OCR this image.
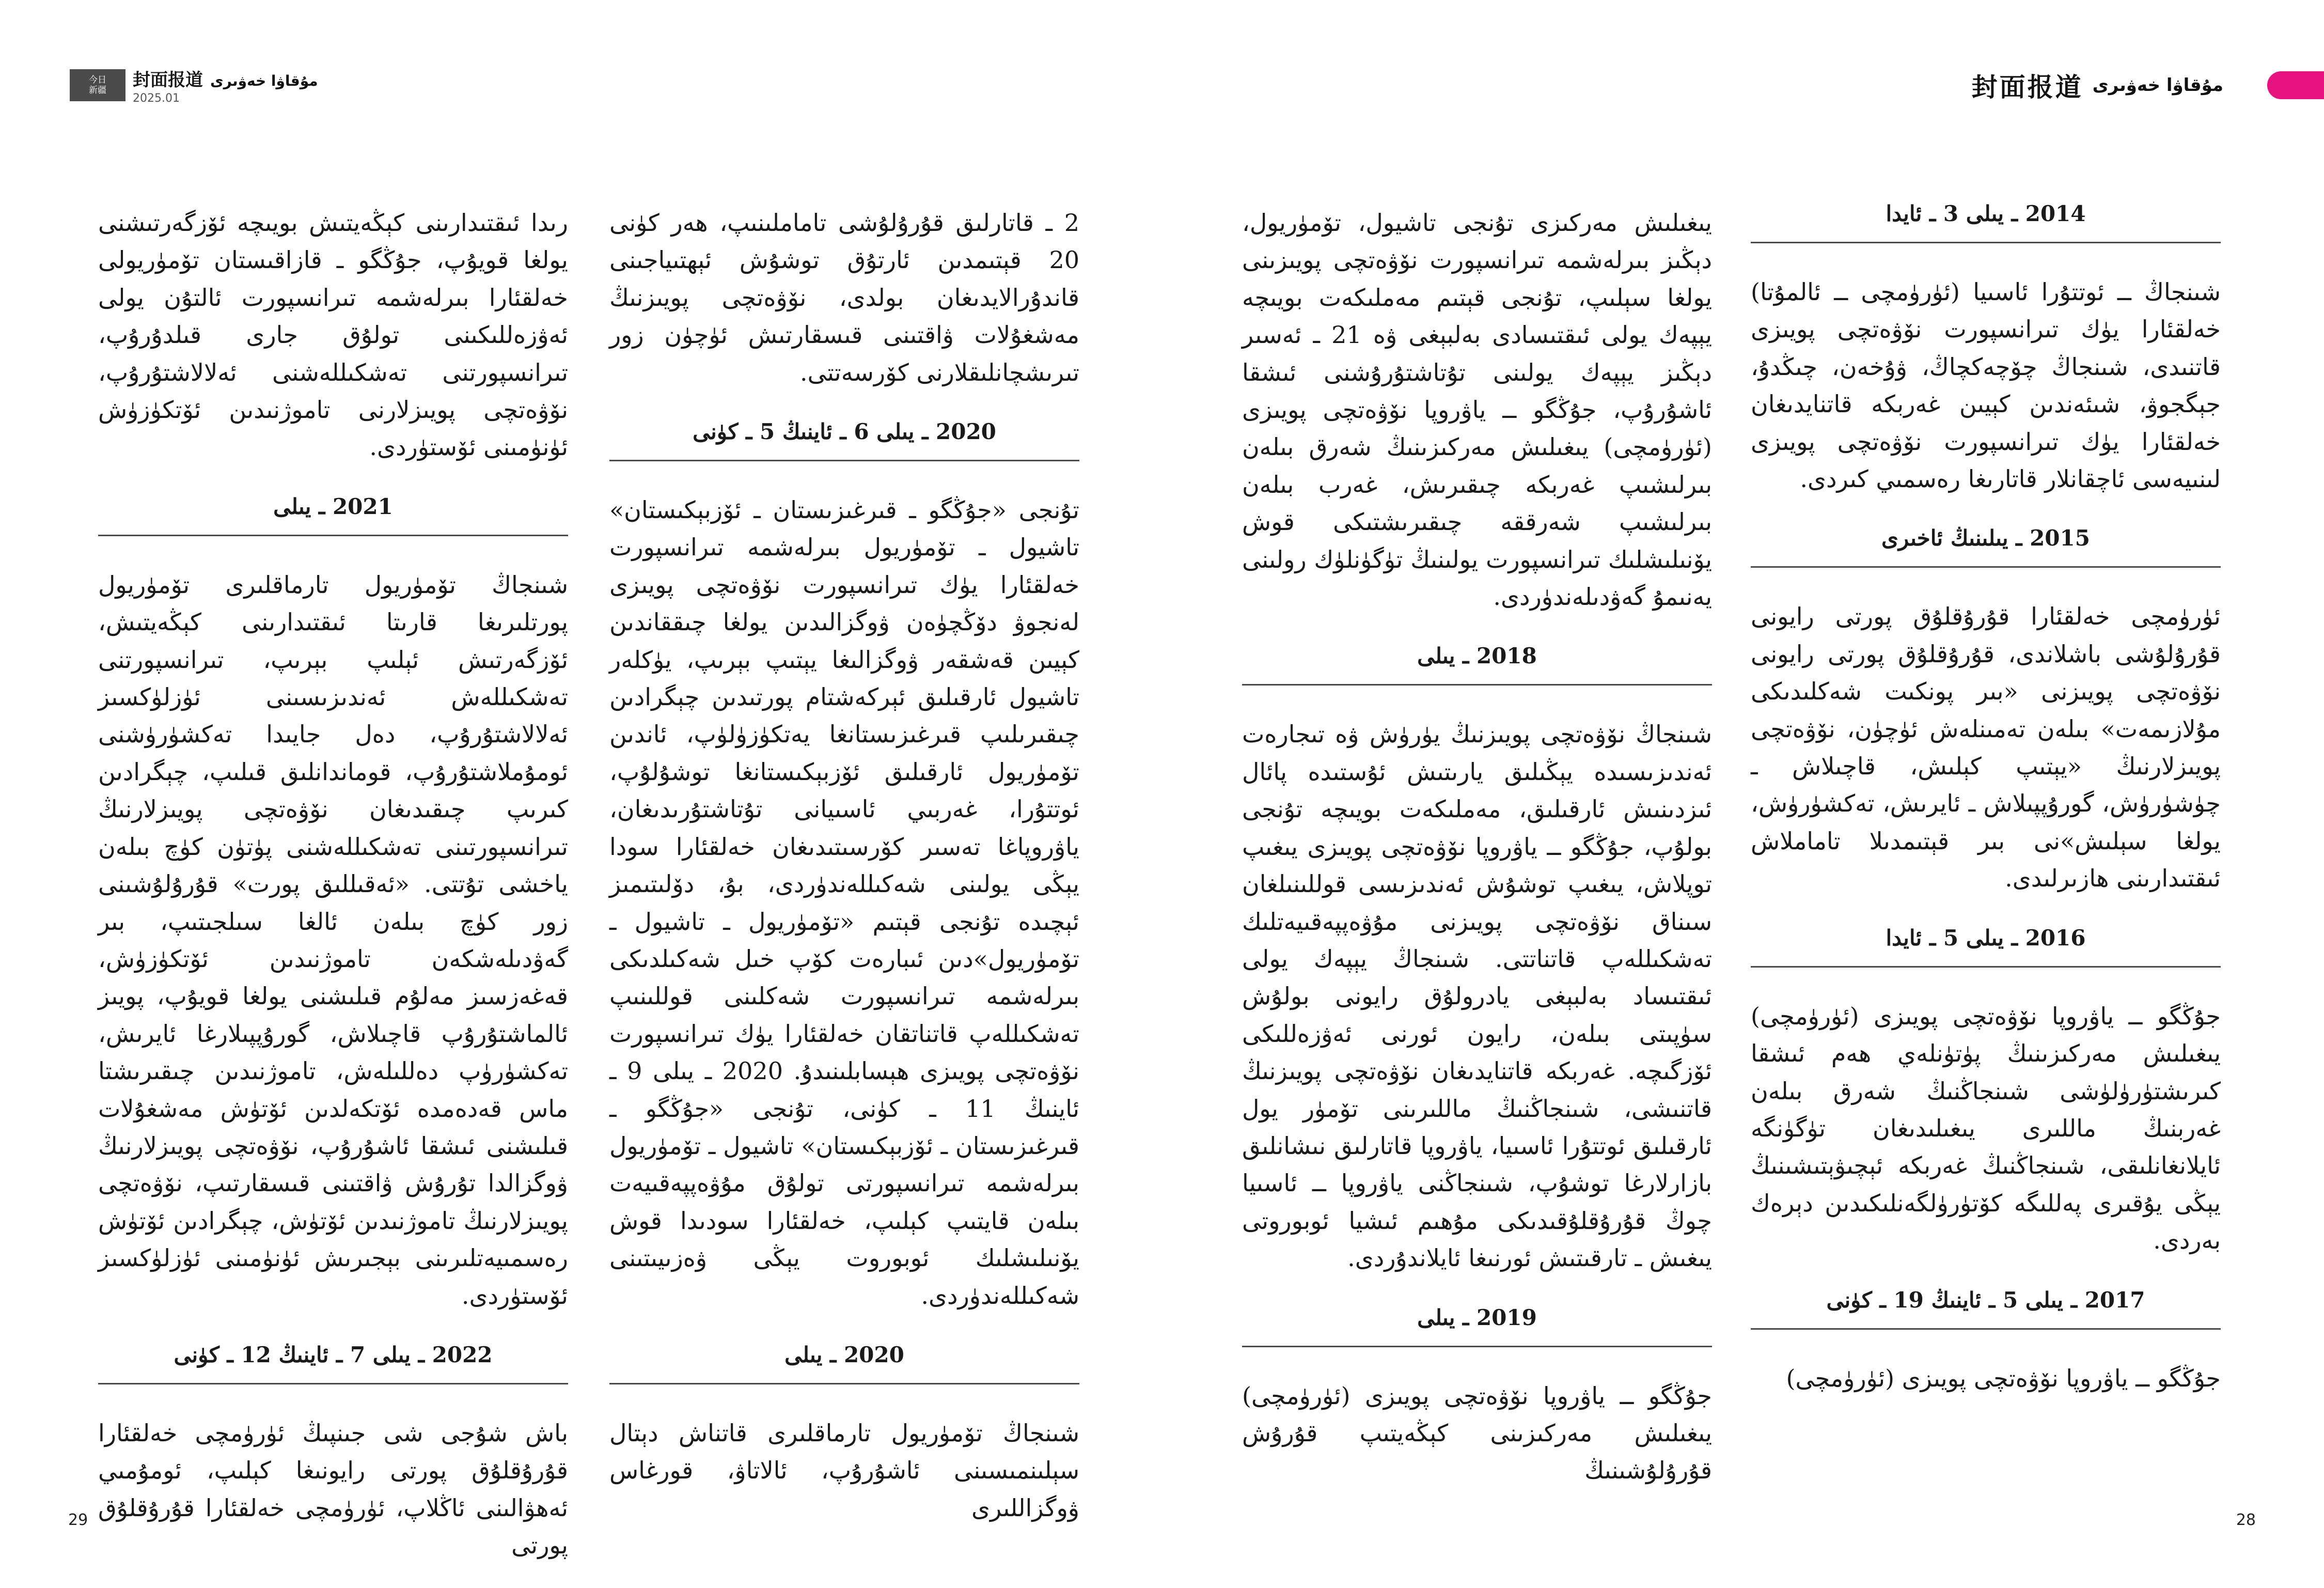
今日
新疆 封面报道 مۇقاۋا خەۋىرى
2025.01	封面报道 مۇقاۋا خەۋىرى

رىدا ئىقتىدارىنى كېڭەيتىش بويىچە ئۆزگەرتىشنى يولغا قويۇپ، جۇڭگو ـ قازاقىستان تۆمۈريولى خەلقئارا بىرلەشمە تىرانسپورت ئالتۇن يولى ئەۋزەللىكىنى تولۇق جارى قىلدۇرۇپ، تىرانسپورتنى تەشكىللەشنى ئەلالاشتۇرۇپ، نۆۋەتچى پويىزلارنى تاموژنىدىن ئۆتكۈزۈش ئۈنۈمىنى ئۆستۈردى.

2021 ـ يىلى

شىنجاڭ تۆمۈريول تارماقلىرى تۆمۈريول پورتلىرىغا قارىتا ئىقتىدارىنى كېڭەيتىش، ئۆزگەرتىش ئېلىپ بېرىپ، تىرانسپورتنى تەشكىللەش ئەندىزىسىنى ئۈزلۈكسىز ئەلالاشتۇرۇپ، دەل جايىدا تەكشۈرۈشنى ئومۇملاشتۇرۇپ، قوماندانلىق قىلىپ، چېگرادىن كىرىپ چىقىدىغان نۆۋەتچى پويىزلارنىڭ تىرانسپورتىنى تەشكىللەشنى پۈتۈن كۈچ بىلەن ياخشى تۇتتى. «ئەقىللىق پورت» قۇرۇلۇشىنى زور كۈچ بىلەن ئالغا سىلجىتىپ، بىر گەۋدىلەشكەن تاموژنىدىن ئۆتكۈزۈش، قەغەزسىز مەلۇم قىلىشنى يولغا قويۇپ، پويىز ئالماشتۇرۇپ قاچىلاش، گورۇپپىلارغا ئايرىش، تەكشۈرۈپ دەللىلەش، تاموژنىدىن چىقىرىشتا ماس قەدەمدە ئۆتكەلدىن ئۆتۈش مەشغۇلات قىلىشنى ئىشقا ئاشۇرۇپ، نۆۋەتچى پويىزلارنىڭ ۋوگزالدا تۇرۇش ۋاقتىنى قىسقارتىپ، نۆۋەتچى پويىزلارنىڭ تاموژنىدىن ئۆتۈش، چېگرادىن ئۆتۈش رەسمىيەتلىرىنى بېجىرىش ئۈنۈمىنى ئۈزلۈكسىز ئۆستۈردى.

2022 ـ يىلى 7 ـ ئاينىڭ 12 ـ كۈنى

باش شۇجى شى جىنپىڭ ئۈرۈمچى خەلقئارا قۇرۇقلۇق پورتى رايونىغا كېلىپ، ئومۇمىي ئەھۋالىنى ئاڭلاپ، ئۈرۈمچى خەلقئارا قۇرۇقلۇق پورتى

2 ـ قاتارلىق قۇرۇلۇشى تاماملىنىپ، ھەر كۈنى 20 قېتىمدىن ئارتۇق توشۇش ئېھتىياجىنى قاندۇرالايدىغان بولدى، نۆۋەتچى پويىزنىڭ مەشغۇلات ۋاقتىنى قىسقارتىش ئۈچۈن زور تىرىشچانلىقلارنى كۆرسەتتى.

2020 ـ يىلى 6 ـ ئاينىڭ 5 ـ كۈنى

تۇنجى «جۇڭگو ـ قىرغىزىستان ـ ئۆزبېكىستان» تاشيول ـ تۆمۈريول بىرلەشمە تىرانسپورت خەلقئارا يۈك تىرانسپورت نۆۋەتچى پويىزى لەنجوۋ دۆڭچۈەن ۋوگزالىدىن يولغا چىققاندىن كېيىن قەشقەر ۋوگزالىغا يېتىپ بېرىپ، يۈكلەر تاشيول ئارقىلىق ئېركەشتام پورتىدىن چېگرادىن چىقىرىلىپ قىرغىزىستانغا يەتكۈزۈلۈپ، ئاندىن تۆمۈريول ئارقىلىق ئۆزبېكىستانغا توشۇلۇپ، ئوتتۇرا، غەربىي ئاسىيانى تۇتاشتۇرىدىغان، ياۋروپاغا تەسىر كۆرسىتىدىغان خەلقئارا سودا يېڭى يولىنى شەكىللەندۈردى، بۇ، دۆلىتىمىز ئېچىدە تۇنجى قېتىم «تۆمۈريول ـ تاشيول ـ تۆمۈريول»دىن ئىبارەت كۆپ خىل شەكىلدىكى بىرلەشمە تىرانسپورت شەكلىنى قوللىنىپ تەشكىللەپ قاتناتقان خەلقئارا يۈك تىرانسپورت نۆۋەتچى پويىزى ھېسابلىنىدۇ. 2020 ـ يىلى 9 ـ ئاينىڭ 11 ـ كۈنى، تۇنجى «جۇڭگو ـ قىرغىزىستان ـ ئۆزبېكىستان» تاشيول ـ تۆمۈريول بىرلەشمە تىرانسپورتى تولۇق مۇۋەپپەقىيەت بىلەن قايتىپ كېلىپ، خەلقئارا سودىدا قوش يۆنىلىشلىك ئوبوروت يېڭى ۋەزىيىتىنى شەكىللەندۈردى.

2020 ـ يىلى

شىنجاڭ تۆمۈريول تارماقلىرى قاتناش دېتال سېلىنمىسىنى ئاشۇرۇپ، ئالاتاۋ، قورغاس ۋوگزاللىرى

يىغىلىش مەركىزى تۇنجى تاشيول، تۆمۈريول، دېڭىز بىرلەشمە تىرانسپورت نۆۋەتچى پويىزىنى يولغا سېلىپ، تۇنجى قېتىم مەملىكەت بويىچە يېپەك يولى ئىقتىسادى بەلبېغى ۋە 21 ـ ئەسىر دېڭىز يېپەك يولىنى تۇتاشتۇرۇشنى ئىشقا ئاشۇرۇپ، جۇڭگو ــ ياۋروپا نۆۋەتچى پويىزى (ئۈرۈمچى) يىغىلىش مەركىزىنىڭ شەرق بىلەن بىرلىشىپ غەربكە چىقىرىش، غەرب بىلەن بىرلىشىپ شەرققە چىقىرىشتىكى قوش يۆنىلىشلىك تىرانسپورت يولىنىڭ تۈگۈنلۈك رولىنى يەنىمۇ گەۋدىلەندۈردى.

2018 ـ يىلى

شىنجاڭ نۆۋەتچى پويىزنىڭ يۈرۈش ۋە تىجارەت ئەندىزىسىدە يېڭىلىق يارىتىش ئۇستىدە پائال ئىزدىنىش ئارقىلىق، مەملىكەت بويىچە تۇنجى بولۇپ، جۇڭگو ــ ياۋروپا نۆۋەتچى پويىزى يىغىپ توپلاش، يىغىپ توشۇش ئەندىزىسى قوللىنىلغان سىناق نۆۋەتچى پويىزنى مۇۋەپپەقىيەتلىك تەشكىللەپ قاتناتتى. شىنجاڭ يېپەك يولى ئىقتىساد بەلبېغى يادرولۇق رايونى بولۇش سۈپىتى بىلەن، رايون ئورنى ئەۋزەللىكى ئۆزگىچە. غەربكە قاتنايدىغان نۆۋەتچى پويىزنىڭ قاتنىشى، شىنجاڭنىڭ ماللىرىنى تۆمۈر يول ئارقىلىق ئوتتۇرا ئاسىيا، ياۋروپا قاتارلىق نىشانلىق بازارلارغا توشۇپ، شىنجاڭنى ياۋروپا ــ ئاسىيا چوڭ قۇرۇقلۇقىدىكى مۇھىم ئىشيا ئوبوروتى يىغىش ـ تارقىتىش ئورنىغا ئايلاندۇردى.

2019 ـ يىلى

جۇڭگو ــ ياۋروپا نۆۋەتچى پويىزى (ئۈرۈمچى) يىغىلىش مەركىزىنى كېڭەيتىپ قۇرۇش قۇرۇلۇشىنىڭ

2014 ـ يىلى 3 ـ ئايدا

شىنجاڭ ــ ئوتتۇرا ئاسىيا (ئۈرۈمچى ــ ئالمۇتا) خەلقئارا يۈك تىرانسپورت نۆۋەتچى پويىزى قاتنىدى، شىنجاڭ چۆچەكچاڭ، ۋۇخەن، چىڭدۇ، جېگجوۋ، شىئەندىن كېيىن غەربكە قاتنايدىغان خەلقئارا يۈك تىرانسپورت نۆۋەتچى پويىزى لىنىيەسى ئاچقانلار قاتارىغا رەسمىي كىردى.

2015 ـ يىلىنىڭ ئاخىرى

ئۈرۈمچى خەلقئارا قۇرۇقلۇق پورتى رايونى قۇرۇلۇشى باشلاندى، قۇرۇقلۇق پورتى رايونى نۆۋەتچى پويىزنى «بىر پونكىت شەكلىدىكى مۇلازىمەت» بىلەن تەمىنلەش ئۈچۈن، نۆۋەتچى پويىزلارنىڭ «يېتىپ كېلىش، قاچىلاش ـ چۈشۈرۈش، گورۇپپىلاش ـ ئايرىش، تەكشۈرۈش، يولغا سېلىش»نى بىر قېتىمدىلا تاماملاش ئىقتىدارىنى ھازىرلىدى.

2016 ـ يىلى 5 ـ ئايدا

جۇڭگو ــ ياۋروپا نۆۋەتچى پويىزى (ئۈرۈمچى) يىغىلىش مەركىزىنىڭ پۈتۈنلەي ھەم ئىشقا كىرىشتۈرۈلۈشى شىنجاڭنىڭ شەرق بىلەن غەربنىڭ ماللىرى يىغىلىدىغان تۈگۈنگە ئايلانغانلىقى، شىنجاڭنىڭ غەربكە ئېچىۋېتىشىنىڭ يېڭى يۇقىرى پەللىگە كۆتۈرۈلگەنلىكىدىن دېرەك بەردى.

2017 ـ يىلى 5 ـ ئاينىڭ 19 ـ كۈنى

جۇڭگو ــ ياۋروپا نۆۋەتچى پويىزى (ئۈرۈمچى)

29	28
